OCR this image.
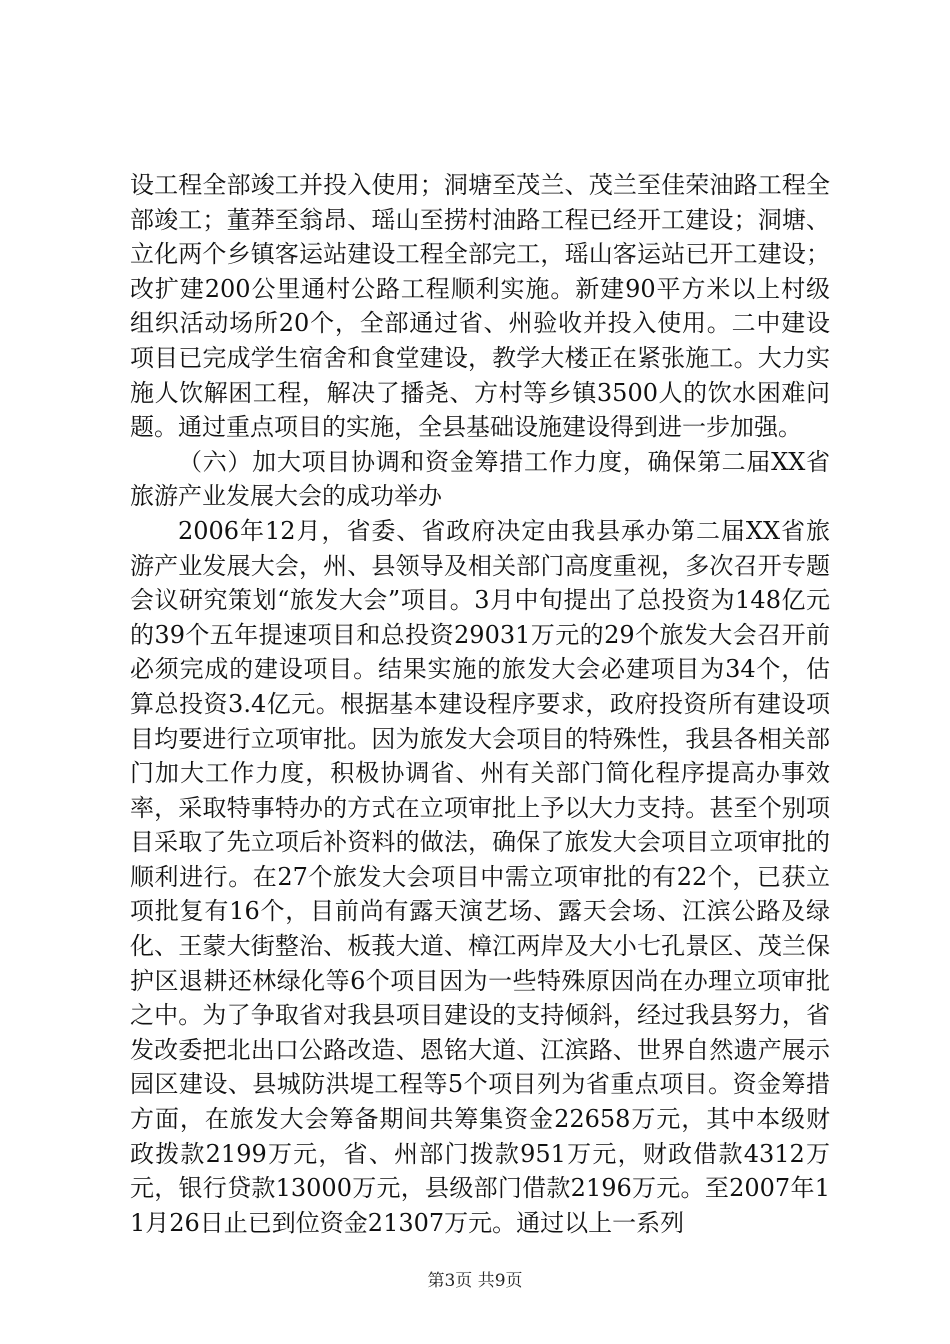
设工程全部竣工并投入使用；洞塘至茂兰、茂兰至佳荣油路工程全部竣工；董莽至翁昂、瑶山至捞村油路工程已经开工建设；洞塘、立化两个乡镇客运站建设工程全部完工，瑶山客运站已开工建设；改扩建200公里通村公路工程顺利实施。新建90平方米以上村级组织活动场所20个，全部通过省、州验收并投入使用。二中建设项目已完成学生宿舍和食堂建设，教学大楼正在紧张施工。大力实施人饮解困工程，解决了播尧、方村等乡镇3500人的饮水困难问题。通过重点项目的实施，全县基础设施建设得到进一步加强。

（六）加大项目协调和资金筹措工作力度，确保第二届XX省旅游产业发展大会的成功举办

2006年12月，省委、省政府决定由我县承办第二届XX省旅游产业发展大会，州、县领导及相关部门高度重视，多次召开专题会议研究策划“旅发大会”项目。3月中旬提出了总投资为148亿元的39个五年提速项目和总投资29031万元的29个旅发大会召开前必须完成的建设项目。结果实施的旅发大会必建项目为34个，估算总投资3.4亿元。根据基本建设程序要求，政府投资所有建设项目均要进行立项审批。因为旅发大会项目的特殊性，我县各相关部门加大工作力度，积极协调省、州有关部门简化程序提高办事效率，采取特事特办的方式在立项审批上予以大力支持。甚至个别项目采取了先立项后补资料的做法，确保了旅发大会项目立项审批的顺利进行。在27个旅发大会项目中需立项审批的有22个，已获立项批复有16个，目前尚有露天演艺场、露天会场、江滨公路及绿化、王蒙大街整治、板莪大道、樟江两岸及大小七孔景区、茂兰保护区退耕还林绿化等6个项目因为一些特殊原因尚在办理立项审批之中。为了争取省对我县项目建设的支持倾斜，经过我县努力，省发改委把北出口公路改造、恩铭大道、江滨路、世界自然遗产展示园区建设、县城防洪堤工程等5个项目列为省重点项目。资金筹措方面，在旅发大会筹备期间共筹集资金22658万元，其中本级财政拨款2199万元，省、州部门拨款951万元，财政借款4312万元，银行贷款13000万元，县级部门借款2196万元。至2007年11月26日止已到位资金21307万元。通过以上一系列

第3页 共9页
